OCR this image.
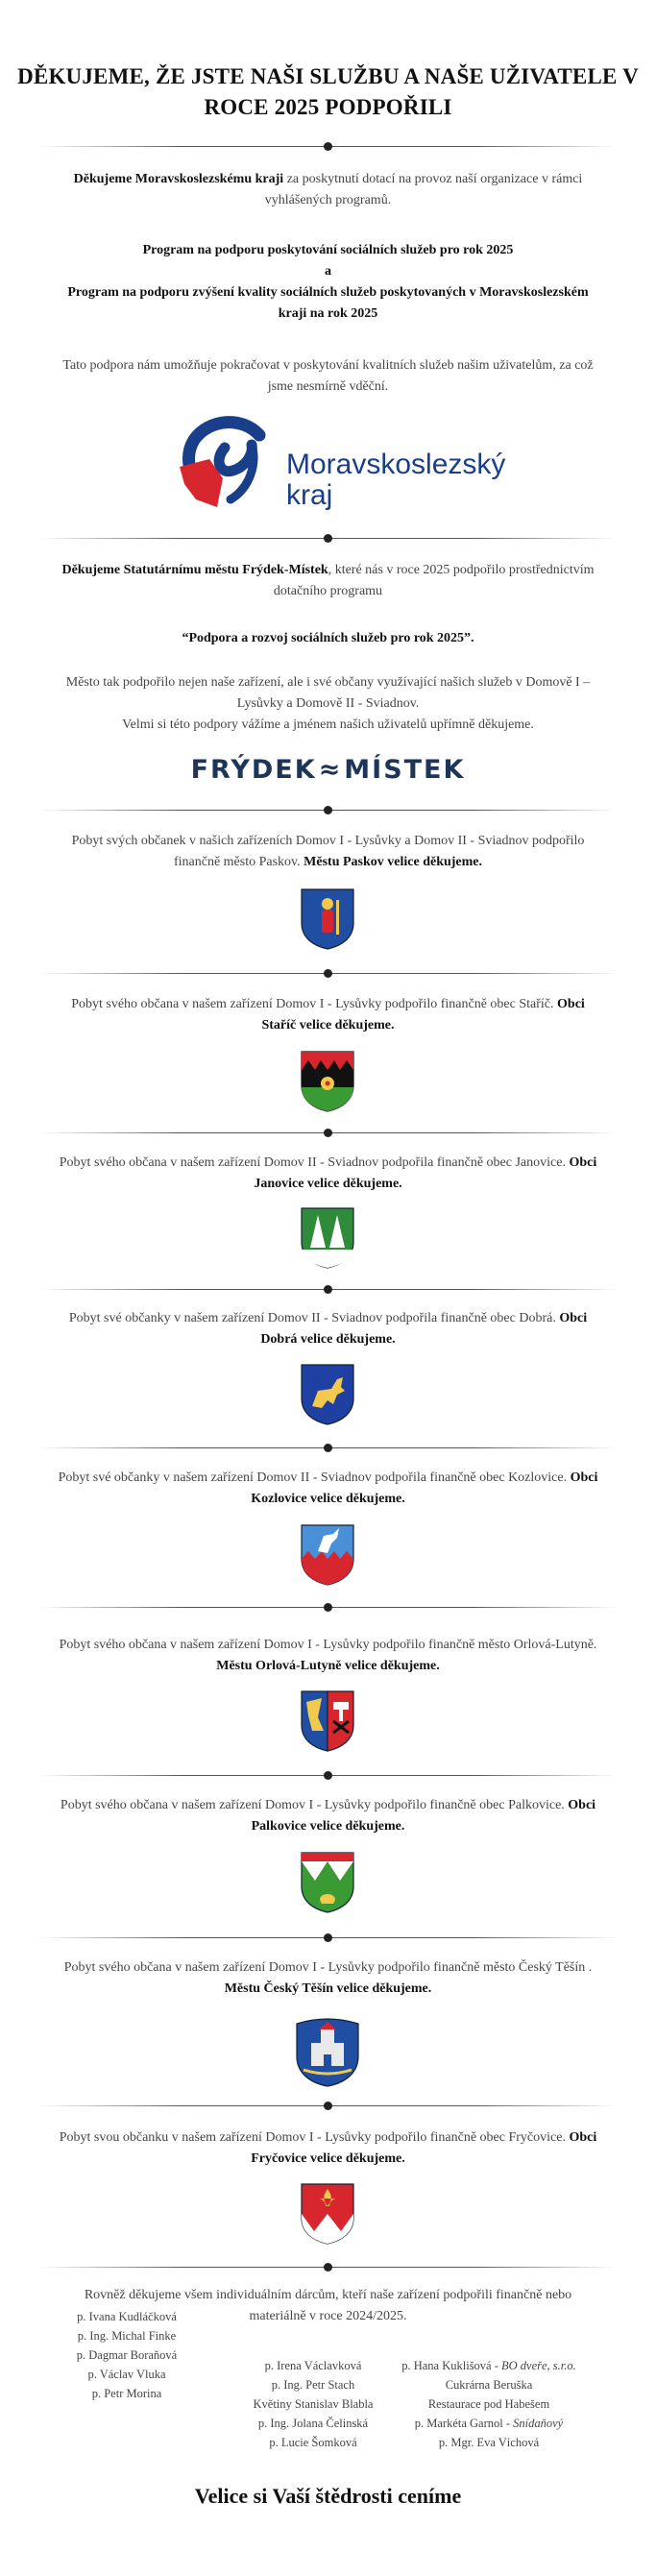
DĚKUJEME, ŽE JSTE NAŠI SLUŽBU A NAŠE UŽIVATELE V ROCE 2025 PODPOŘILI
Děkujeme Moravskoslezskému kraji za poskytnutí dotací na provoz naší organizace v rámci vyhlášených programů.
Program na podporu poskytování sociálních služeb pro rok 2025
a
Program na podporu zvýšení kvality sociálních služeb poskytovaných v Moravskoslezském kraji na rok 2025
Tato podpora nám umožňuje pokračovat v poskytování kvalitních služeb našim uživatelům, za což jsme nesmírně vděční.
Moravskoslezský
kraj
Děkujeme Statutárnímu městu Frýdek-Místek, které nás v roce 2025 podpořilo prostřednictvím dotačního programu
“Podpora a rozvoj sociálních služeb pro rok 2025”.
Město tak podpořilo nejen naše zařízení, ale i své občany využívající našich služeb v Domově I – Lysůvky a Domově II - Sviadnov.
Velmi si této podpory vážíme a jménem našich uživatelů upřímně děkujeme.
FRÝDEK≈MÍSTEK
Pobyt svých občanek v našich zařízeních Domov I - Lysůvky a Domov II - Sviadnov podpořilo finančně město Paskov. Městu Paskov velice děkujeme.
Pobyt svého občana v našem zařízení Domov I - Lysůvky podpořilo finančně obec Staříč. Obci Staříč velice děkujeme.
Pobyt svého občana v našem zařízení Domov II - Sviadnov podpořila finančně obec Janovice. Obci Janovice velice děkujeme.
Pobyt své občanky v našem zařízení Domov II - Sviadnov podpořila finančně obec Dobrá. Obci Dobrá velice děkujeme.
Pobyt své občanky v našem zařízení Domov II - Sviadnov podpořila finančně obec Kozlovice. Obci Kozlovice velice děkujeme.
Pobyt svého občana v našem zařízení Domov I - Lysůvky podpořilo finančně město Orlová-Lutyně. Městu Orlová-Lutyně velice děkujeme.
Pobyt svého občana v našem zařízení Domov I - Lysůvky podpořilo finančně obec Palkovice. Obci Palkovice velice děkujeme.
Pobyt svého občana v našem zařízení Domov I - Lysůvky podpořilo finančně město Český Těšín . Městu Český Těšín velice děkujeme.
Pobyt svou občanku v našem zařízení Domov I - Lysůvky podpořilo finančně obec Fryčovice. Obci Fryčovice velice děkujeme.
Rovněž děkujeme všem individuálním dárcům, kteří naše zařízení podpořili finančně nebo materiálně v roce 2024/2025.
p. Ivana Kudláčková
p. Ing. Michal Finke
p. Dagmar Boraňová
p. Václav Vluka
p. Petr Morina
p. Irena Václavková
p. Ing. Petr Stach
Květiny Stanislav Blabla
p. Ing. Jolana Čelinská
p. Lucie Šomková
p. Hana Kuklišová - BO dveře, s.r.o.
Cukrárna Beruška
Restaurace pod Habešem
p. Markéta Garnol - Snídaňový
p. Mgr. Eva Víchová
Velice si Vaší štědrosti ceníme
